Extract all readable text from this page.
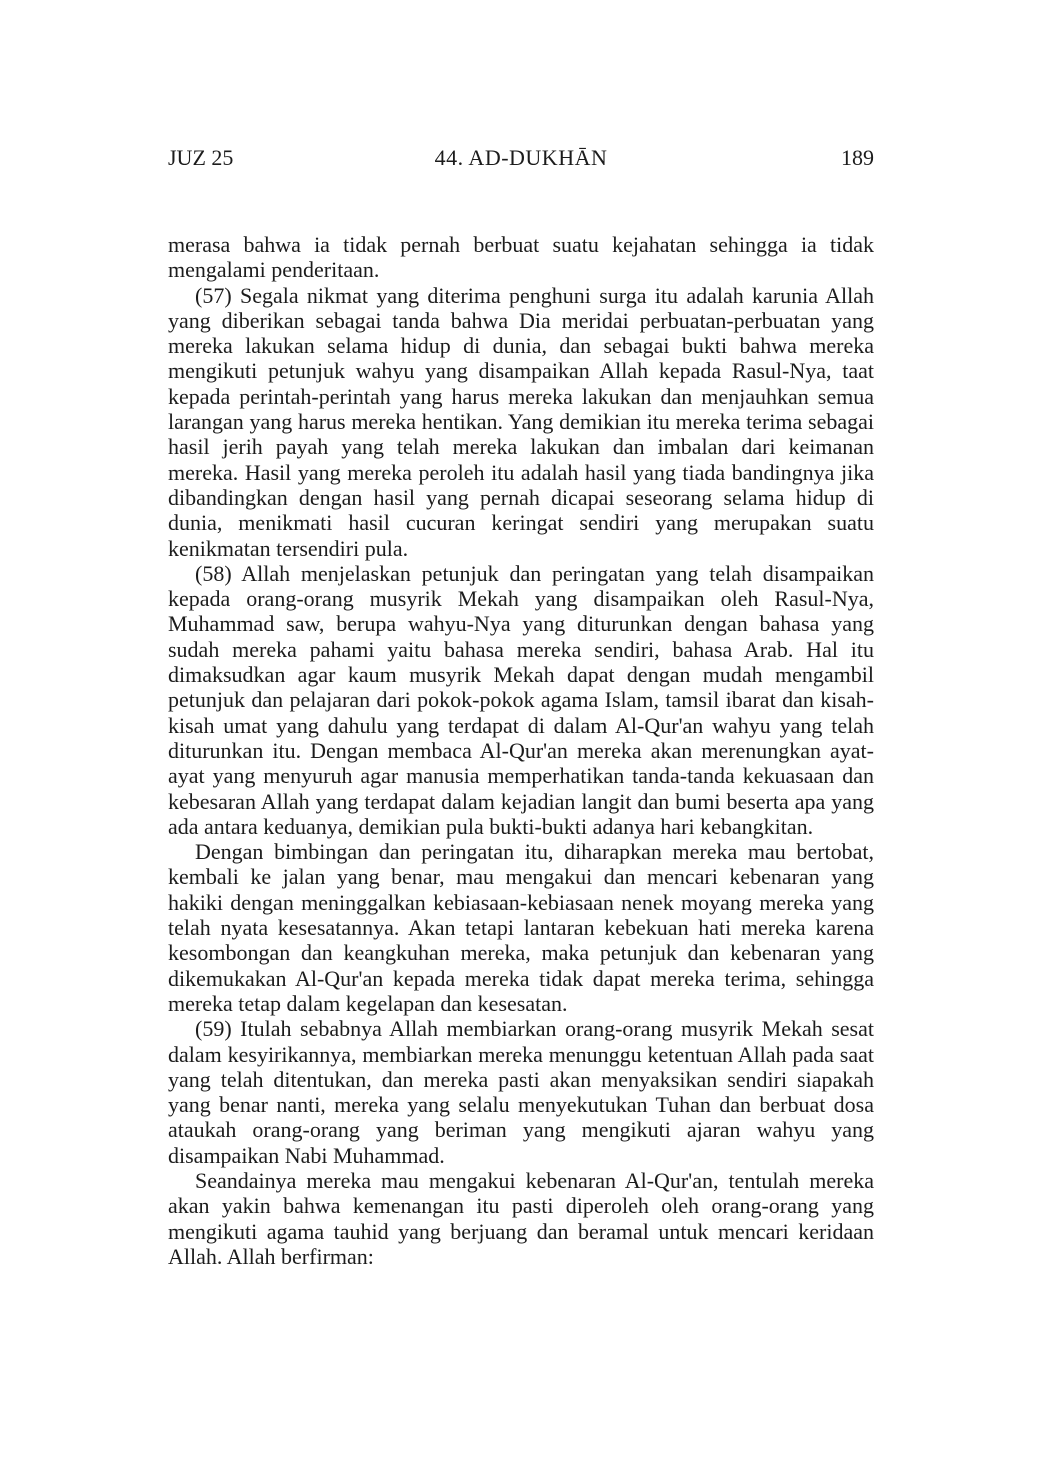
JUZ 25	44. AD-DUKHĀN	189

merasa bahwa ia tidak pernah berbuat suatu kejahatan sehingga ia tidak mengalami penderitaan.

(57) Segala nikmat yang diterima penghuni surga itu adalah karunia Allah yang diberikan sebagai tanda bahwa Dia meridai perbuatan-perbuatan yang mereka lakukan selama hidup di dunia, dan sebagai bukti bahwa mereka mengikuti petunjuk wahyu yang disampaikan Allah kepada Rasul-Nya, taat kepada perintah-perintah yang harus mereka lakukan dan menjauhkan semua larangan yang harus mereka hentikan. Yang demikian itu mereka terima sebagai hasil jerih payah yang telah mereka lakukan dan imbalan dari keimanan mereka. Hasil yang mereka peroleh itu adalah hasil yang tiada bandingnya jika dibandingkan dengan hasil yang pernah dicapai seseorang selama hidup di dunia, menikmati hasil cucuran keringat sendiri yang merupakan suatu kenikmatan tersendiri pula.

(58) Allah menjelaskan petunjuk dan peringatan yang telah disampaikan kepada orang-orang musyrik Mekah yang disampaikan oleh Rasul-Nya, Muhammad saw, berupa wahyu-Nya yang diturunkan dengan bahasa yang sudah mereka pahami yaitu bahasa mereka sendiri, bahasa Arab. Hal itu dimaksudkan agar kaum musyrik Mekah dapat dengan mudah mengambil petunjuk dan pelajaran dari pokok-pokok agama Islam, tamsil ibarat dan kisah-kisah umat yang dahulu yang terdapat di dalam Al-Qur'an wahyu yang telah diturunkan itu. Dengan membaca Al-Qur'an mereka akan merenungkan ayat-ayat yang menyuruh agar manusia memperhatikan tanda-tanda kekuasaan dan kebesaran Allah yang terdapat dalam kejadian langit dan bumi beserta apa yang ada antara keduanya, demikian pula bukti-bukti adanya hari kebangkitan.

Dengan bimbingan dan peringatan itu, diharapkan mereka mau bertobat, kembali ke jalan yang benar, mau mengakui dan mencari kebenaran yang hakiki dengan meninggalkan kebiasaan-kebiasaan nenek moyang mereka yang telah nyata kesesatannya. Akan tetapi lantaran kebekuan hati mereka karena kesombongan dan keangkuhan mereka, maka petunjuk dan kebenaran yang dikemukakan Al-Qur'an kepada mereka tidak dapat mereka terima, sehingga mereka tetap dalam kegelapan dan kesesatan.

(59) Itulah sebabnya Allah membiarkan orang-orang musyrik Mekah sesat dalam kesyirikannya, membiarkan mereka menunggu ketentuan Allah pada saat yang telah ditentukan, dan mereka pasti akan menyaksikan sendiri siapakah yang benar nanti, mereka yang selalu menyekutukan Tuhan dan berbuat dosa ataukah orang-orang yang beriman yang mengikuti ajaran wahyu yang disampaikan Nabi Muhammad.

Seandainya mereka mau mengakui kebenaran Al-Qur'an, tentulah mereka akan yakin bahwa kemenangan itu pasti diperoleh oleh orang-orang yang mengikuti agama tauhid yang berjuang dan beramal untuk mencari keridaan Allah. Allah berfirman:
